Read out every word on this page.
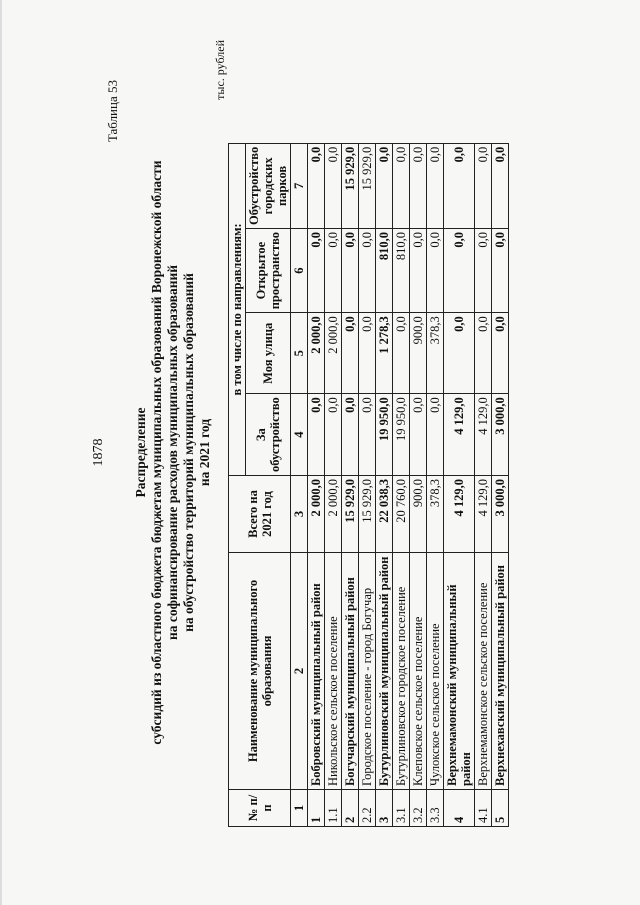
1878
Таблица 53
Распределение субсидий из областного бюджета бюджетам муниципальных образований Воронежской области на софинансирование расходов муниципальных образований на обустройство территорий муниципальных образований на 2021 год
тыс. рублей
№ п/п	Наименование муниципального образования	Всего на 2021 год	в том числе по направлениям:			
			За обустройство	Моя улица	Открытое пространство	Обустройство городских парков
1	2	3	4	5	6	7
1	Бобровский муниципальный район	2 000,0	0,0	2 000,0	0,0	0,0
1.1	Никольское сельское поселение	2 000,0	0,0	2 000,0	0,0	0,0
2	Богучарский муниципальный район	15 929,0	0,0	0,0	0,0	15 929,0
2.2	Городское поселение - город Богучар	15 929,0	0,0	0,0	0,0	15 929,0
3	Бутурлиновский муниципальный район	22 038,3	19 950,0	1 278,3	810,0	0,0
3.1	Бутурлиновское городское поселение	20 760,0	19 950,0	0,0	810,0	0,0
3.2	Клеповское сельское поселение	900,0	0,0	900,0	0,0	0,0
3.3	Чулокское сельское поселение	378,3	0,0	378,3	0,0	0,0
4	Верхнемамонский муниципальный район	4 129,0	4 129,0	0,0	0,0	0,0
4.1	Верхнемамонское сельское поселение	4 129,0	4 129,0	0,0	0,0	0,0
5	Верхнехавский муниципальный район	3 000,0	3 000,0	0,0	0,0	0,0
